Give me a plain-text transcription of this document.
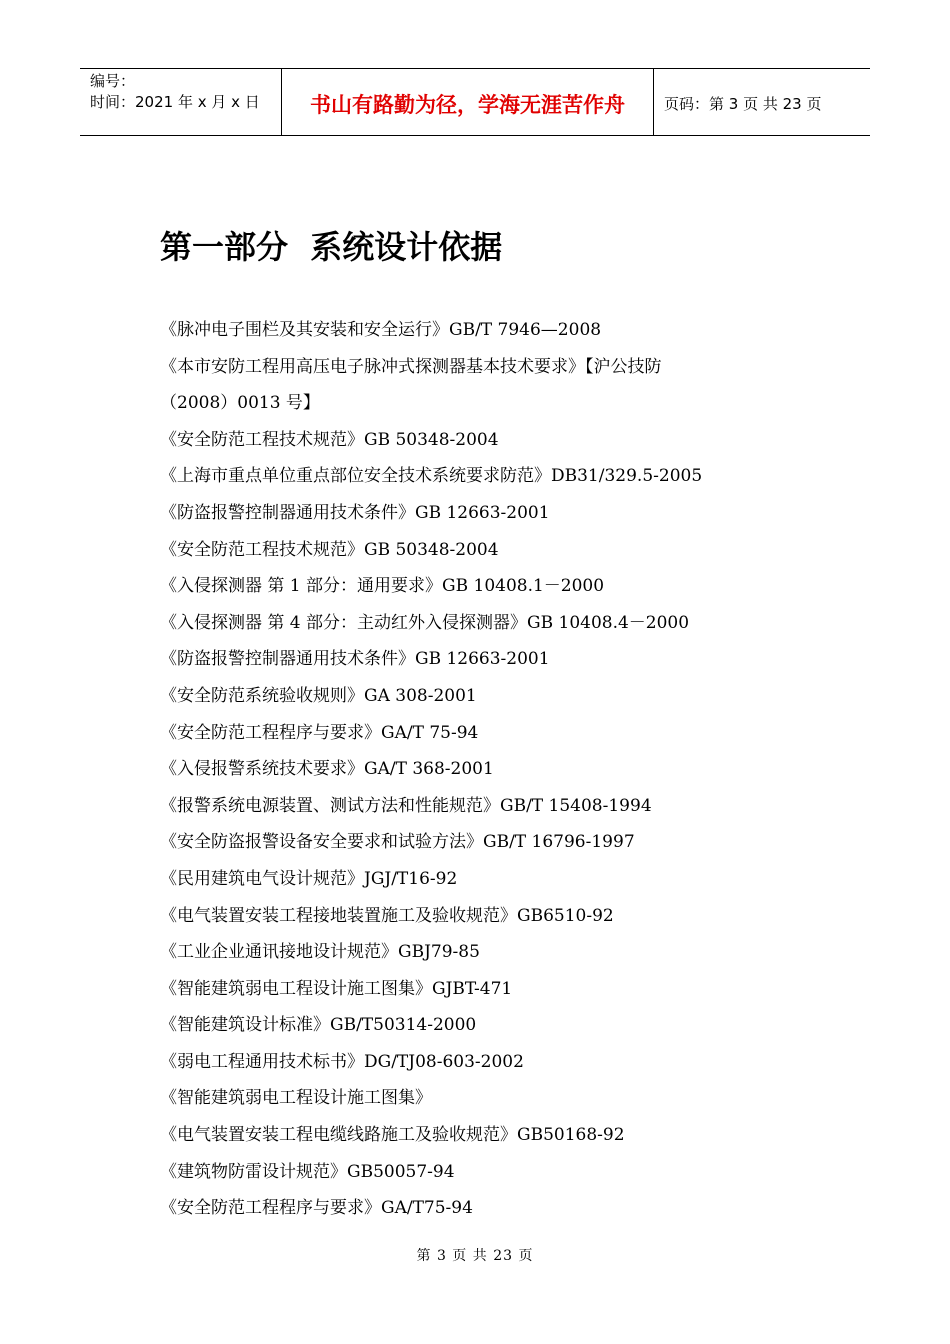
编号：
时间：2021 年 x 月 x 日	书山有路勤为径，学海无涯苦作舟	页码：第 3 页 共 23 页
第一部分  系统设计依据
《脉冲电子围栏及其安装和安全运行》GB/T 7946—2008
《本市安防工程用高压电子脉冲式探测器基本技术要求》【沪公技防
（2008）0013 号】
《安全防范工程技术规范》GB 50348-2004
《上海市重点单位重点部位安全技术系统要求防范》DB31/329.5-2005
《防盗报警控制器通用技术条件》GB 12663-2001
《安全防范工程技术规范》GB 50348-2004
《入侵探测器 第 1 部分：通用要求》GB 10408.1－2000
《入侵探测器 第 4 部分：主动红外入侵探测器》GB 10408.4－2000
《防盗报警控制器通用技术条件》GB 12663-2001
《安全防范系统验收规则》GA 308-2001
《安全防范工程程序与要求》GA/T 75-94
《入侵报警系统技术要求》GA/T 368-2001
《报警系统电源装置、测试方法和性能规范》GB/T 15408-1994
《安全防盗报警设备安全要求和试验方法》GB/T 16796-1997
《民用建筑电气设计规范》JGJ/T16-92
《电气装置安装工程接地装置施工及验收规范》GB6510-92
《工业企业通讯接地设计规范》GBJ79-85
《智能建筑弱电工程设计施工图集》GJBT-471
《智能建筑设计标准》GB/T50314-2000
《弱电工程通用技术标书》DG/TJ08-603-2002
《智能建筑弱电工程设计施工图集》
《电气装置安装工程电缆线路施工及验收规范》GB50168-92
《建筑物防雷设计规范》GB50057-94
《安全防范工程程序与要求》GA/T75-94
第 3 页 共 23 页
